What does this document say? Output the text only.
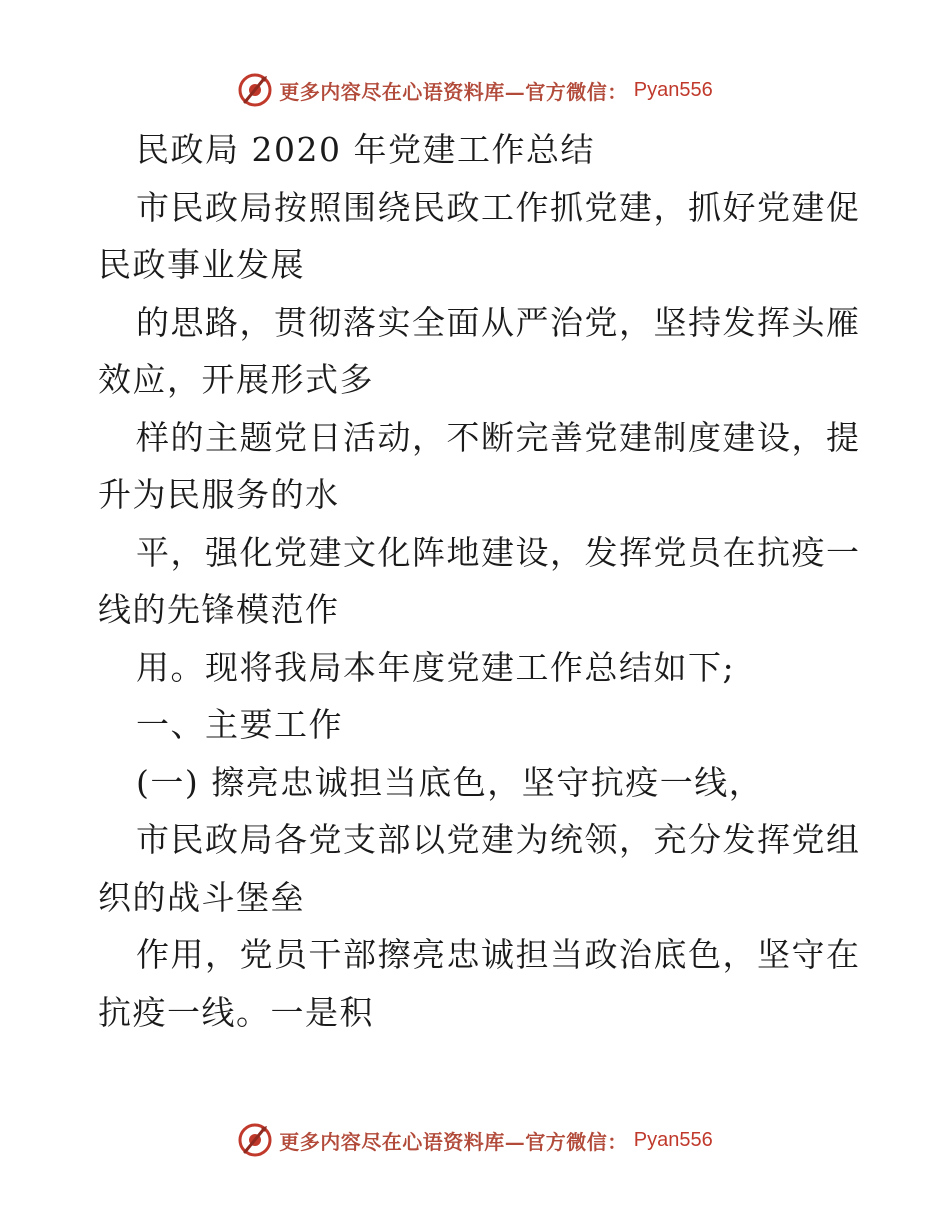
更多内容尽在心语资料库—官方微信： Pyan556
民政局 2020 年党建工作总结
市民政局按照围绕民政工作抓党建，抓好党建促
民政事业发展
的思路，贯彻落实全面从严治党，坚持发挥头雁
效应，开展形式多
样的主题党日活动，不断完善党建制度建设，提
升为民服务的水
平，强化党建文化阵地建设，发挥党员在抗疫一
线的先锋模范作
用。现将我局本年度党建工作总结如下;
一、主要工作
(一) 擦亮忠诚担当底色，坚守抗疫一线，
市民政局各党支部以党建为统领，充分发挥党组
织的战斗堡垒
作用，党员干部擦亮忠诚担当政治底色，坚守在
抗疫一线。一是积
更多内容尽在心语资料库—官方微信： Pyan556
